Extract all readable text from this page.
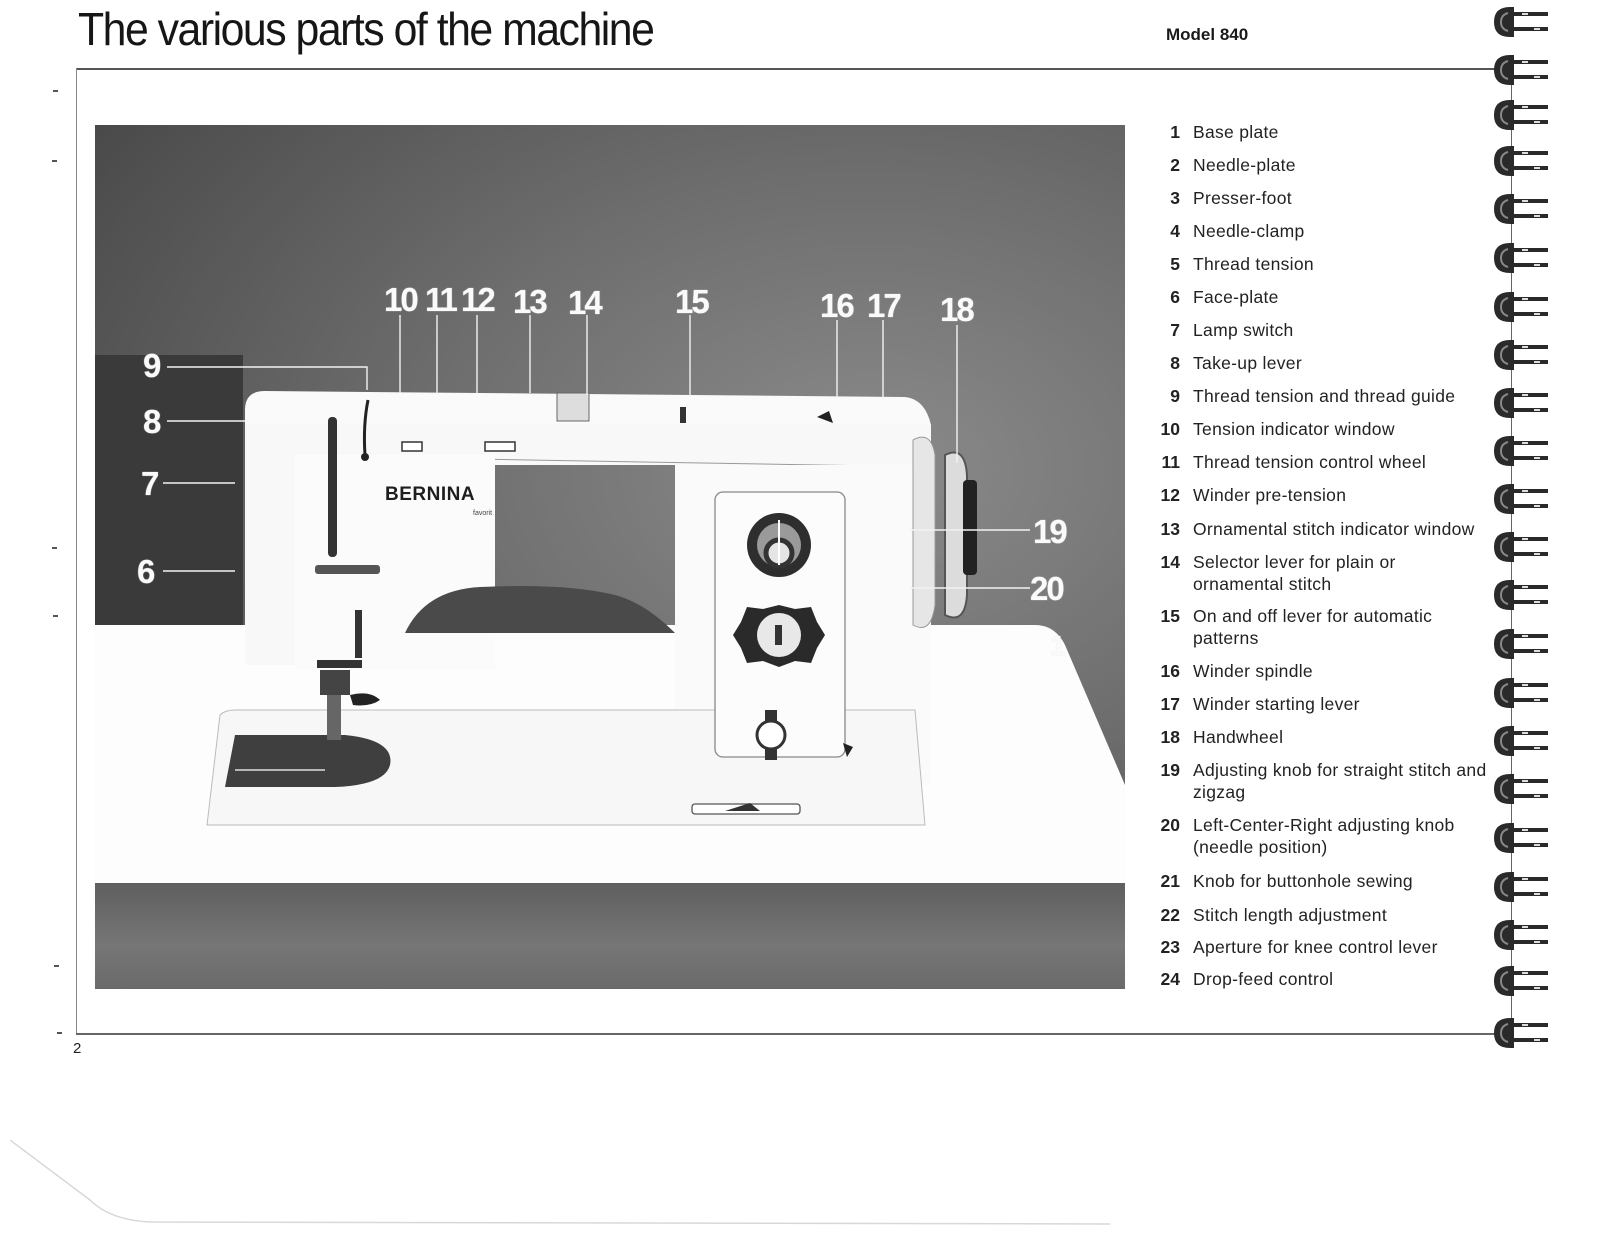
The various parts of the machine	Model 840
2
BERNINA
favorit
1
6
7
8
9
10 11 12 13 14 15	16 17 18
19
20
1 Base plate
2 Needle-plate
3 Presser-foot
4 Needle-clamp
5 Thread tension
6 Face-plate
7 Lamp switch
8 Take-up lever
9 Thread tension and thread guide
10 Tension indicator window
11 Thread tension control wheel
12 Winder pre-tension
13 Ornamental stitch indicator window
14 Selector lever for plain or ornamental stitch
15 On and off lever for automatic patterns
16 Winder spindle
17 Winder starting lever
18 Handwheel
19 Adjusting knob for straight stitch and zigzag
20 Left-Center-Right adjusting knob (needle position)
21 Knob for buttonhole sewing
22 Stitch length adjustment
23 Aperture for knee control lever
24 Drop-feed control
